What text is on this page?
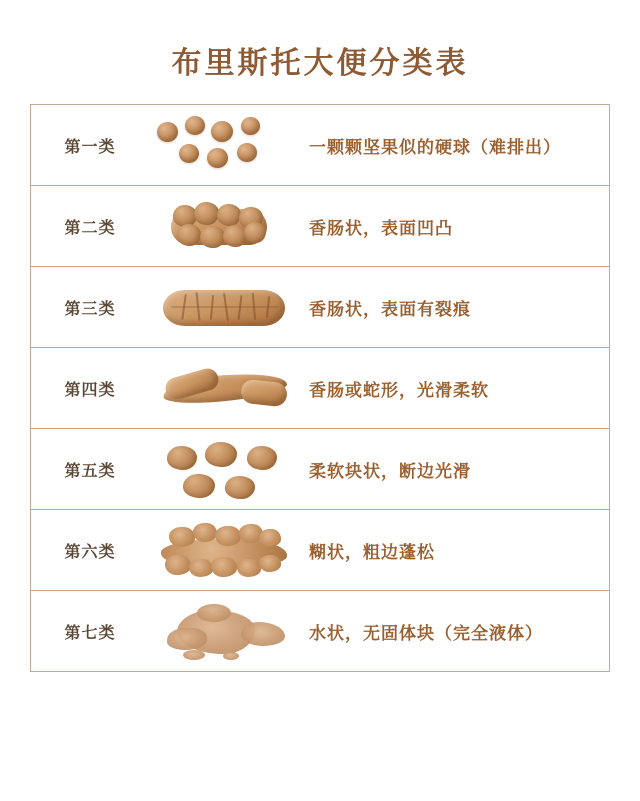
布里斯托大便分类表
第一类	一颗颗坚果似的硬球（难排出）
第二类	香肠状，表面凹凸
第三类	香肠状，表面有裂痕
第四类	香肠或蛇形，光滑柔软
第五类	柔软块状，断边光滑
第六类	糊状，粗边蓬松
第七类	水状，无固体块（完全液体）
